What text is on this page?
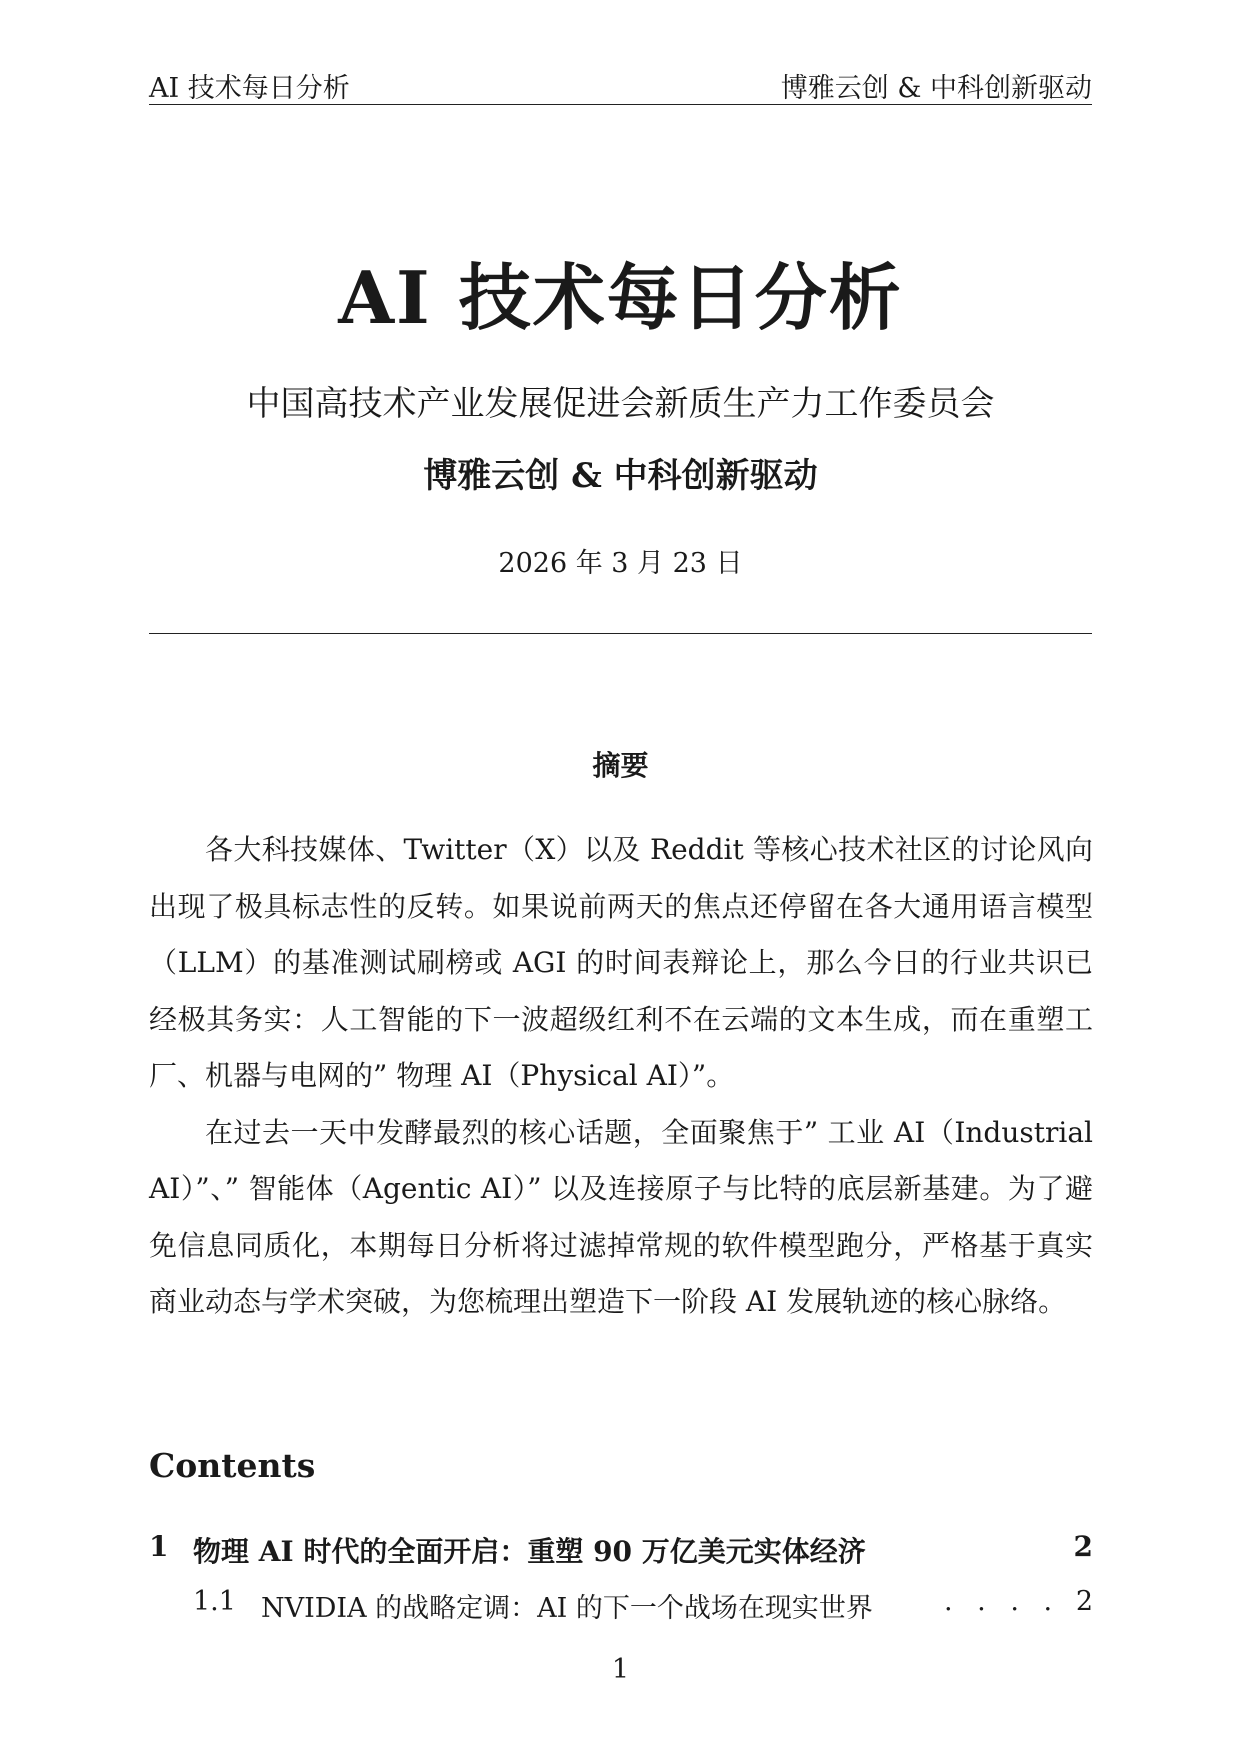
AI 技术每日分析	博雅云创 & 中科创新驱动
AI 技术每日分析
中国高技术产业发展促进会新质生产力工作委员会
博雅云创 & 中科创新驱动
2026 年 3 月 23 日
摘要

各大科技媒体、Twitter（X）以及 Reddit 等核心技术社区的讨论风向出现了极具标志性的反转。如果说前两天的焦点还停留在各大通用语言模型（LLM）的基准测试刷榜或 AGI 的时间表辩论上，那么今日的行业共识已经极其务实：人工智能的下一波超级红利不在云端的文本生成，而在重塑工厂、机器与电网的” 物理 AI（Physical AI）”。

在过去一天中发酵最烈的核心话题，全面聚焦于” 工业 AI（Industrial AI）”、” 智能体（Agentic AI）” 以及连接原子与比特的底层新基建。为了避免信息同质化，本期每日分析将过滤掉常规的软件模型跑分，严格基于真实商业动态与学术突破，为您梳理出塑造下一阶段 AI 发展轨迹的核心脉络。

Contents
1 物理 AI 时代的全面开启：重塑 90 万亿美元实体经济	2
1.1 NVIDIA 的战略定调：AI 的下一个战场在现实世界	. . . . 2
1
